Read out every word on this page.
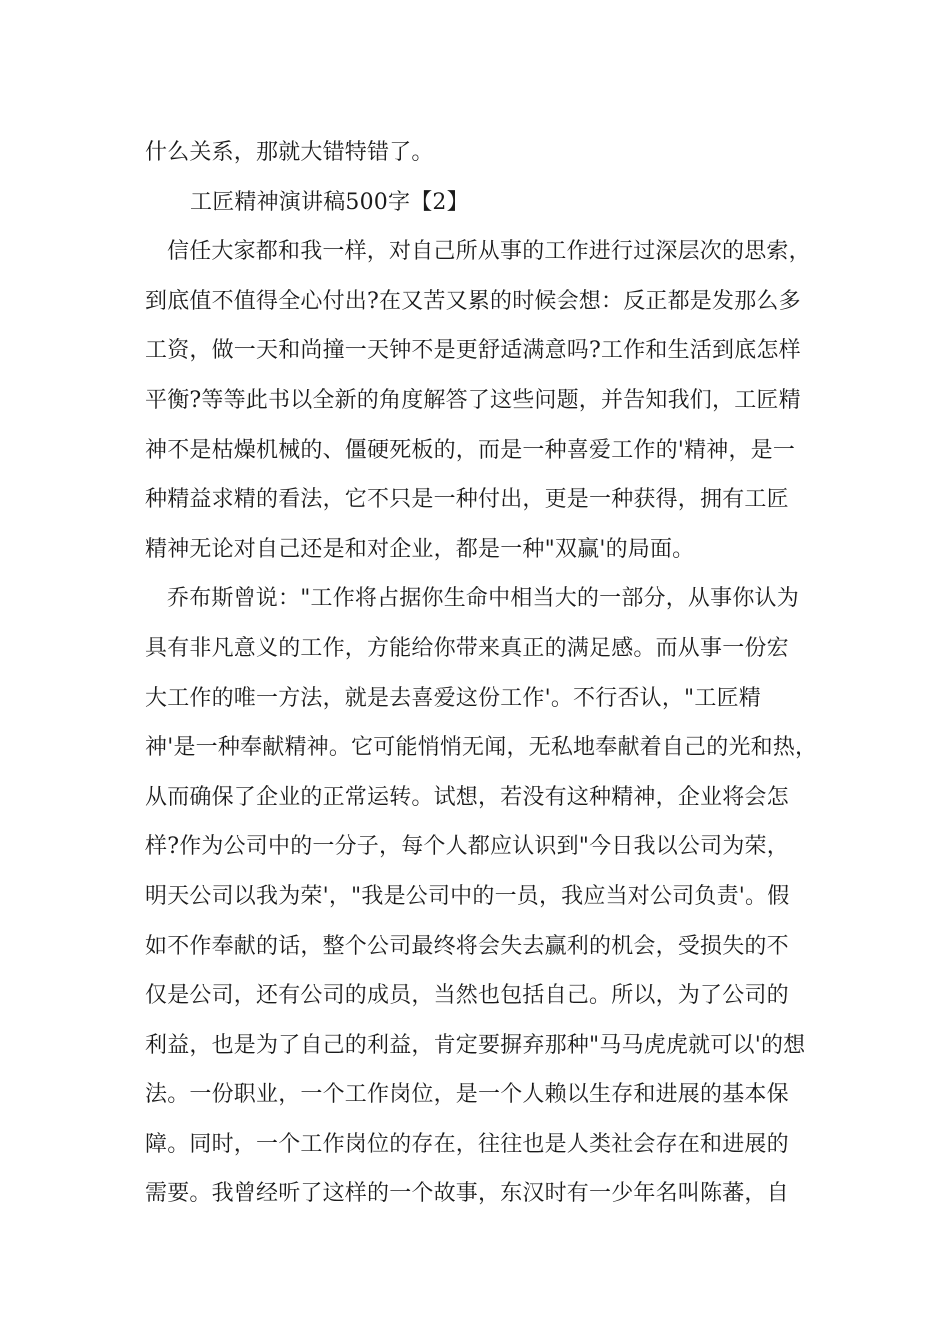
什么关系，那就大错特错了。
工匠精神演讲稿500字【2】
信任大家都和我一样，对自己所从事的工作进行过深层次的思索，
到底值不值得全心付出?在又苦又累的时候会想：反正都是发那么多
工资，做一天和尚撞一天钟不是更舒适满意吗?工作和生活到底怎样
平衡?等等此书以全新的角度解答了这些问题，并告知我们，工匠精
神不是枯燥机械的、僵硬死板的，而是一种喜爱工作的'精神，是一
种精益求精的看法，它不只是一种付出，更是一种获得，拥有工匠
精神无论对自己还是和对企业，都是一种"双赢'的局面。
乔布斯曾说："工作将占据你生命中相当大的一部分，从事你认为
具有非凡意义的工作，方能给你带来真正的满足感。而从事一份宏
大工作的唯一方法，就是去喜爱这份工作'。不行否认，"工匠精
神'是一种奉献精神。它可能悄悄无闻，无私地奉献着自己的光和热，
从而确保了企业的正常运转。试想，若没有这种精神，企业将会怎
样?作为公司中的一分子，每个人都应认识到"今日我以公司为荣，
明天公司以我为荣'，"我是公司中的一员，我应当对公司负责'。假
如不作奉献的话，整个公司最终将会失去赢利的机会，受损失的不
仅是公司，还有公司的成员，当然也包括自己。所以，为了公司的
利益，也是为了自己的利益，肯定要摒弃那种"马马虎虎就可以'的想
法。一份职业，一个工作岗位，是一个人赖以生存和进展的基本保
障。同时，一个工作岗位的存在，往往也是人类社会存在和进展的
需要。我曾经听了这样的一个故事，东汉时有一少年名叫陈蕃，自
